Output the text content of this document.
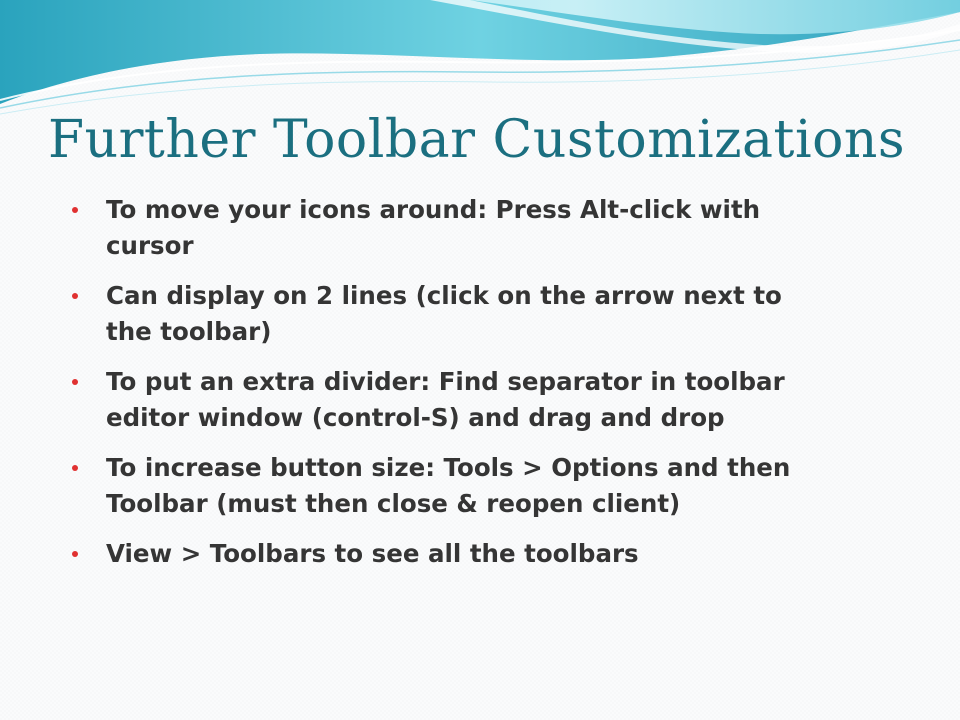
Further Toolbar Customizations
To move your icons around: Press Alt-click with cursor
Can display on 2 lines (click on the arrow next to the toolbar)
To put an extra divider: Find separator in toolbar editor window (control-S) and drag and drop
To increase button size: Tools > Options and then Toolbar (must then close & reopen client)
View > Toolbars to see all the toolbars
